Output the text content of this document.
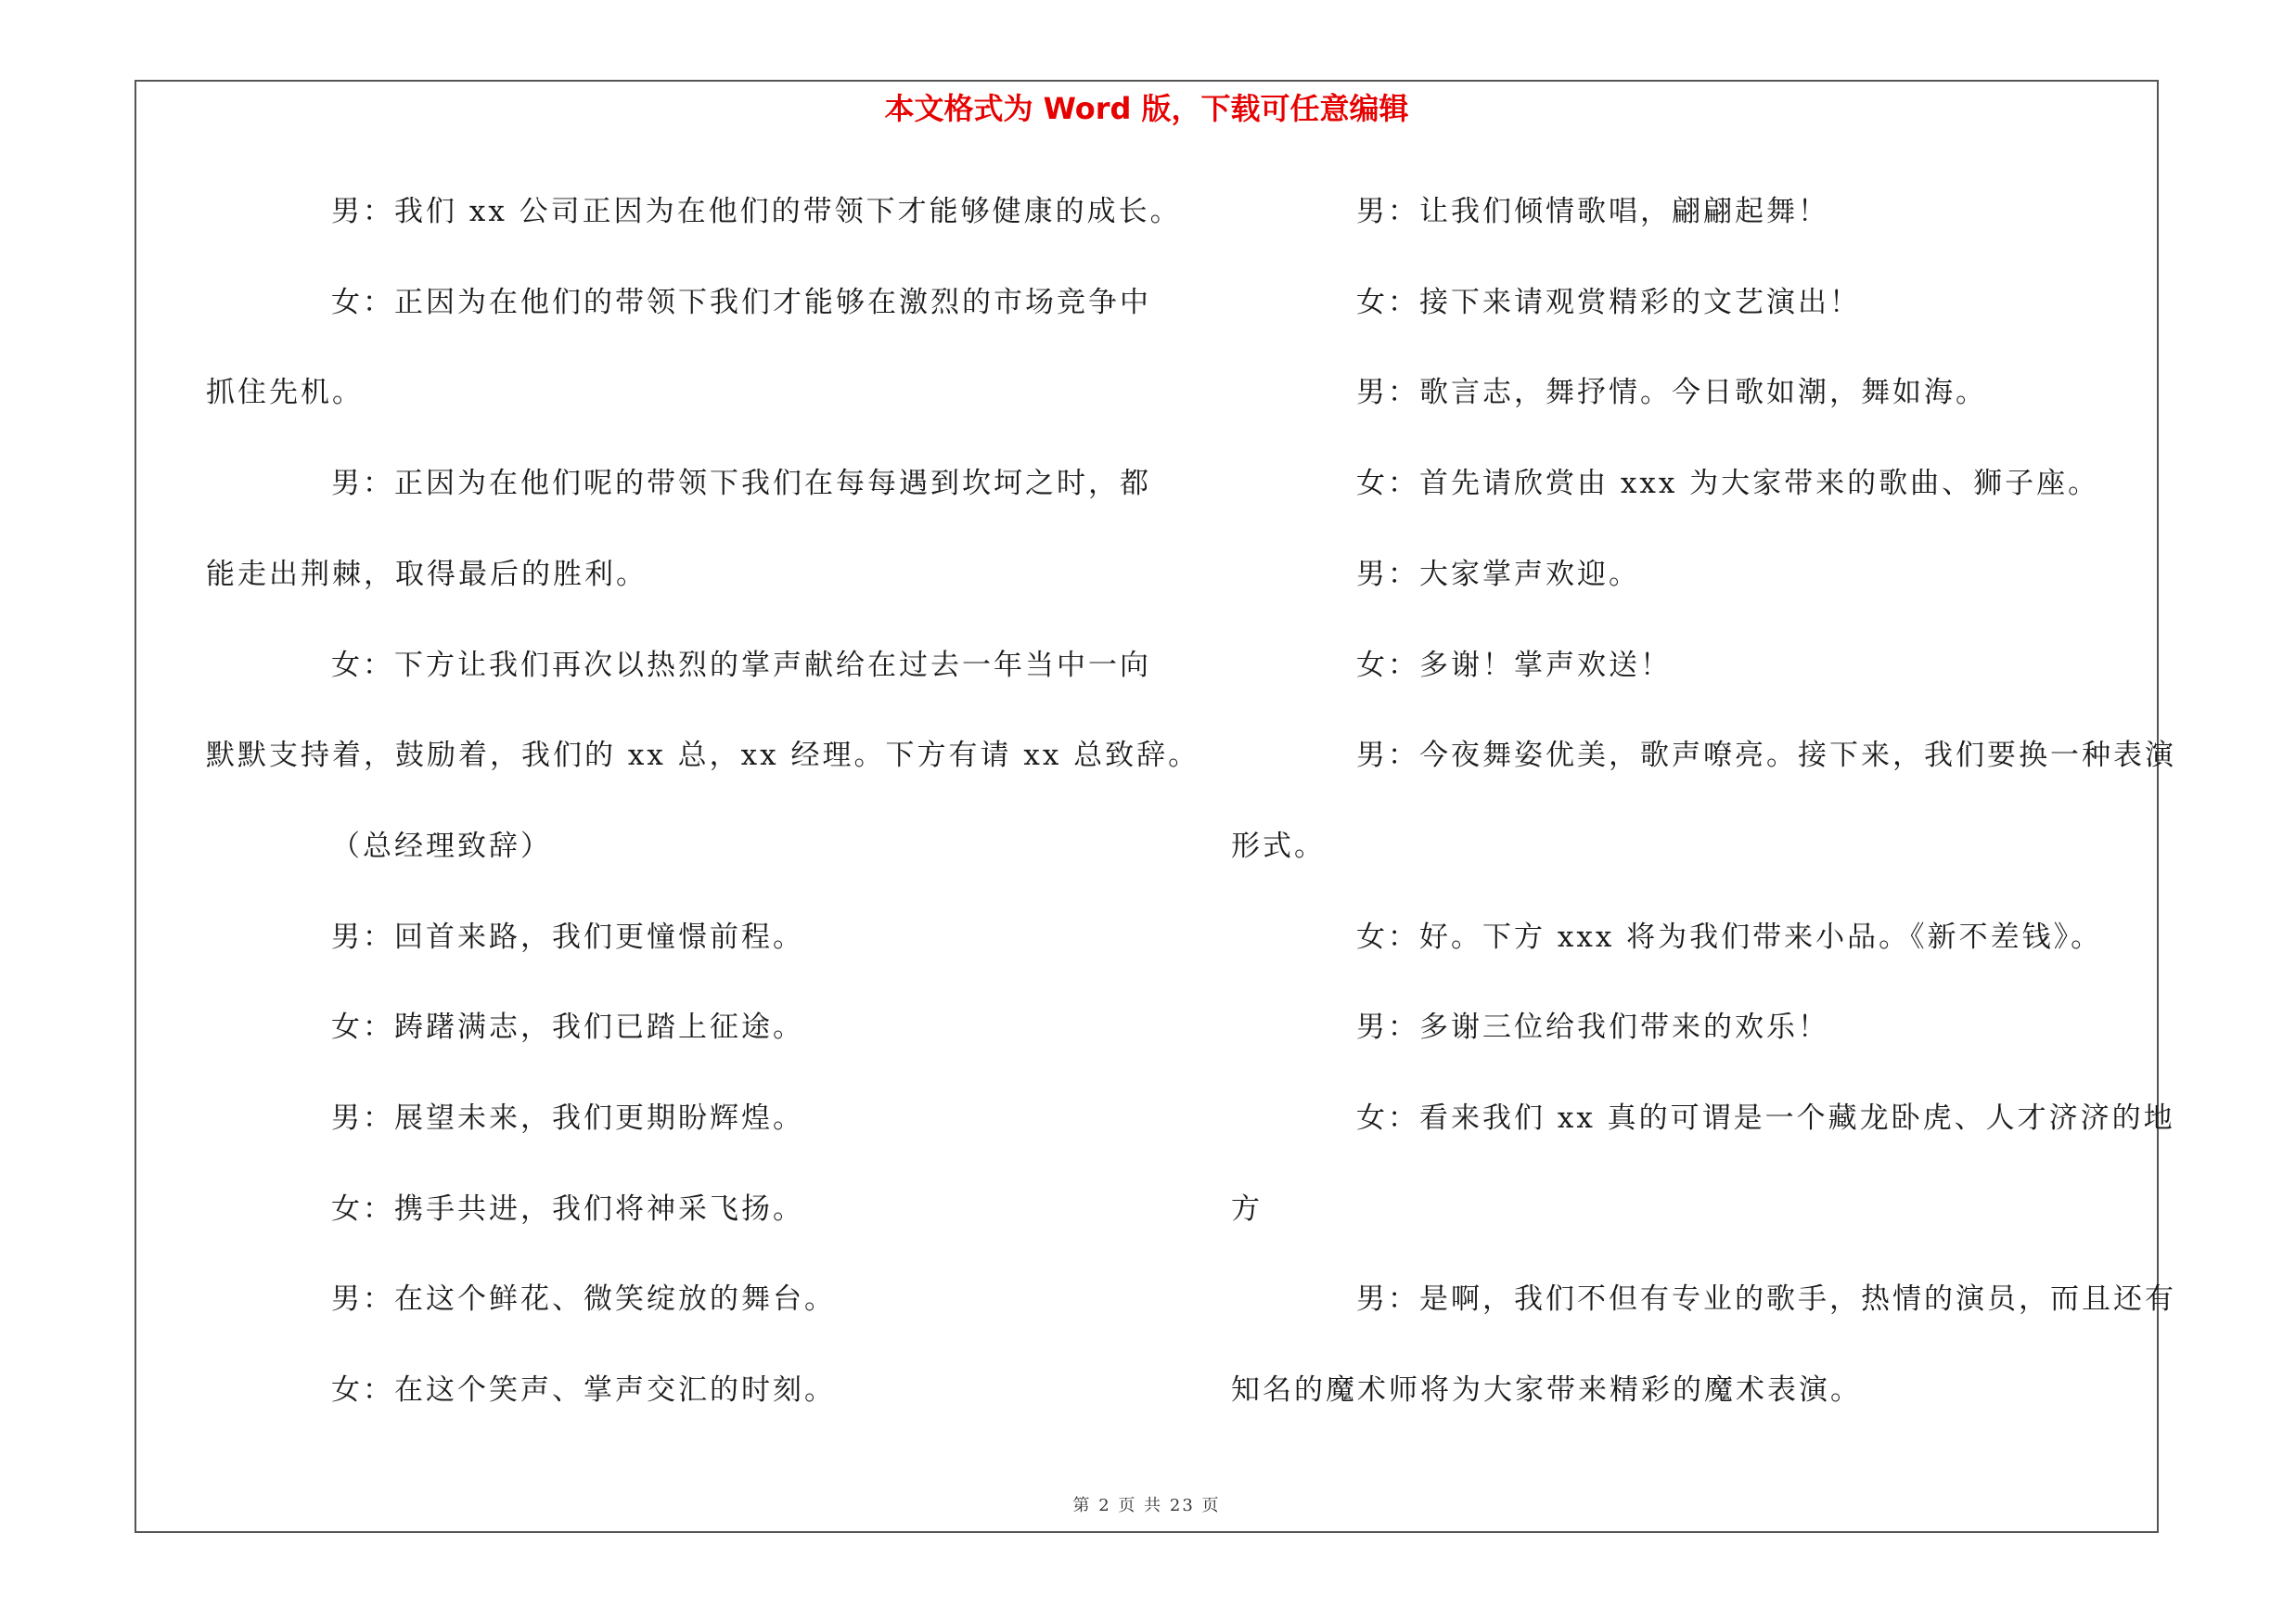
本文格式为 Word 版，下载可任意编辑
男：我们 xx 公司正因为在他们的带领下才能够健康的成长。
女：正因为在他们的带领下我们才能够在激烈的市场竞争中
抓住先机。
男：正因为在他们呢的带领下我们在每每遇到坎坷之时，都
能走出荆棘，取得最后的胜利。
女：下方让我们再次以热烈的掌声献给在过去一年当中一向
默默支持着，鼓励着，我们的 xx 总，xx 经理。下方有请 xx 总致辞。
（总经理致辞）
男：回首来路，我们更憧憬前程。
女：踌躇满志，我们已踏上征途。
男：展望未来，我们更期盼辉煌。
女：携手共进，我们将神采飞扬。
男：在这个鲜花、微笑绽放的舞台。
女：在这个笑声、掌声交汇的时刻。
男：让我们倾情歌唱，翩翩起舞！
女：接下来请观赏精彩的文艺演出！
男：歌言志，舞抒情。今日歌如潮，舞如海。
女：首先请欣赏由 xxx 为大家带来的歌曲、狮子座。
男：大家掌声欢迎。
女：多谢！掌声欢送！
男：今夜舞姿优美，歌声嘹亮。接下来，我们要换一种表演
形式。
女：好。下方 xxx 将为我们带来小品。《新不差钱》。
男：多谢三位给我们带来的欢乐！
女：看来我们 xx 真的可谓是一个藏龙卧虎、人才济济的地
方
男：是啊，我们不但有专业的歌手，热情的演员，而且还有
知名的魔术师将为大家带来精彩的魔术表演。
第 2 页 共 23 页
